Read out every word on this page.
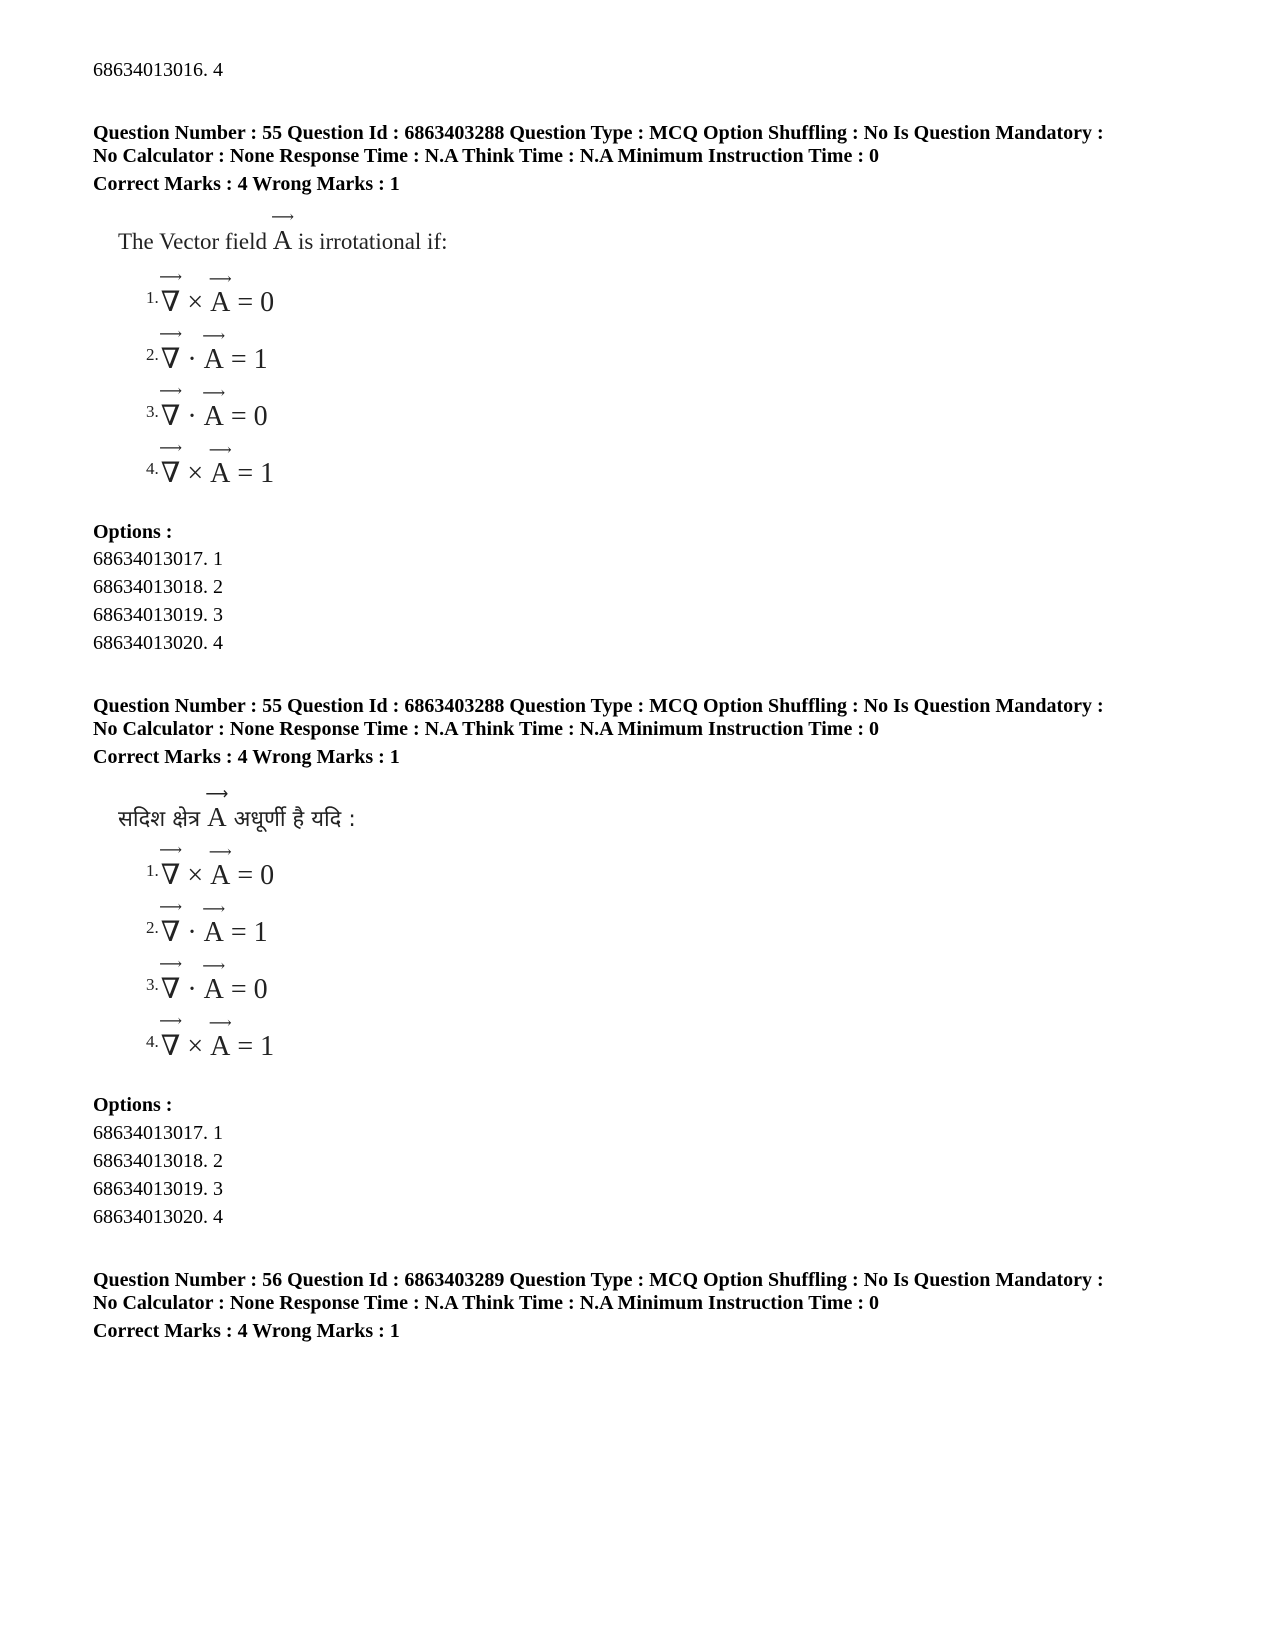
68634013016. 4
Question Number : 55 Question Id : 6863403288 Question Type : MCQ Option Shuffling : No Is Question Mandatory :
No Calculator : None Response Time : N.A Think Time : N.A Minimum Instruction Time : 0
Correct Marks : 4 Wrong Marks : 1
The Vector field
⟶
A is irrotational if:
$^{1.}$
⟶
∇ ×
⟶
A = 0
$^{2.}$
⟶
∇ ·
⟶
A = 1
$^{3.}$
⟶
∇ ·
⟶
A = 0
$^{4.}$
⟶
∇ ×
⟶
A = 1
Options :
68634013017. 1
68634013018. 2
68634013019. 3
68634013020. 4
Question Number : 55 Question Id : 6863403288 Question Type : MCQ Option Shuffling : No Is Question Mandatory :
No Calculator : None Response Time : N.A Think Time : N.A Minimum Instruction Time : 0
Correct Marks : 4 Wrong Marks : 1
सदिश क्षेत्र
⟶
A अधूर्णी है यदि :
$^{1.}$
⟶
∇ ×
⟶
A = 0
$^{2.}$
⟶
∇ ·
⟶
A = 1
$^{3.}$
⟶
∇ ·
⟶
A = 0
$^{4.}$
⟶
∇ ×
⟶
A = 1
Options :
68634013017. 1
68634013018. 2
68634013019. 3
68634013020. 4
Question Number : 56 Question Id : 6863403289 Question Type : MCQ Option Shuffling : No Is Question Mandatory :
No Calculator : None Response Time : N.A Think Time : N.A Minimum Instruction Time : 0
Correct Marks : 4 Wrong Marks : 1
